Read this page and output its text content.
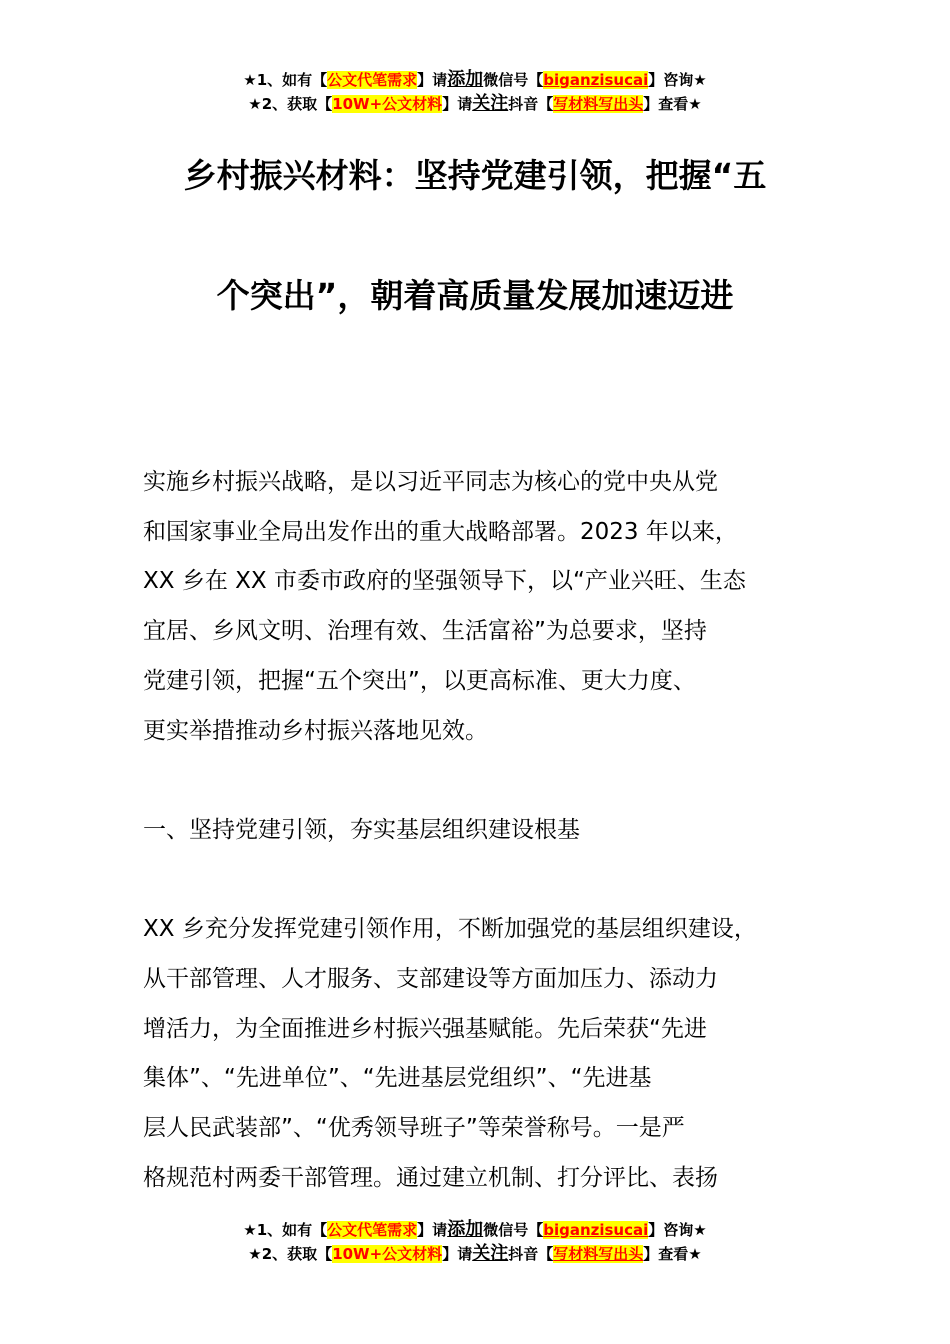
★1、如有【公文代笔需求】请添加微信号【biganzisucai】咨询★
★2、获取【10W+公文材料】请关注抖音【写材料写出头】查看★
乡村振兴材料：坚持党建引领，把握“五
个突出”，朝着高质量发展加速迈进

实施乡村振兴战略，是以习近平同志为核心的党中央从党

和国家事业全局出发作出的重大战略部署。2023 年以来，

XX 乡在 XX 市委市政府的坚强领导下，以“产业兴旺、生态

宜居、乡风文明、治理有效、生活富裕”为总要求，坚持

党建引领，把握“五个突出”，以更高标准、更大力度、

更实举措推动乡村振兴落地见效。

一、坚持党建引领，夯实基层组织建设根基

XX 乡充分发挥党建引领作用，不断加强党的基层组织建设，

从干部管理、人才服务、支部建设等方面加压力、添动力

增活力，为全面推进乡村振兴强基赋能。先后荣获“先进

集体”、“先进单位”、“先进基层党组织”、“先进基

层人民武装部”、“优秀领导班子”等荣誉称号。一是严

格规范村两委干部管理。通过建立机制、打分评比、表扬

★1、如有【公文代笔需求】请添加微信号【biganzisucai】咨询★
★2、获取【10W+公文材料】请关注抖音【写材料写出头】查看★
